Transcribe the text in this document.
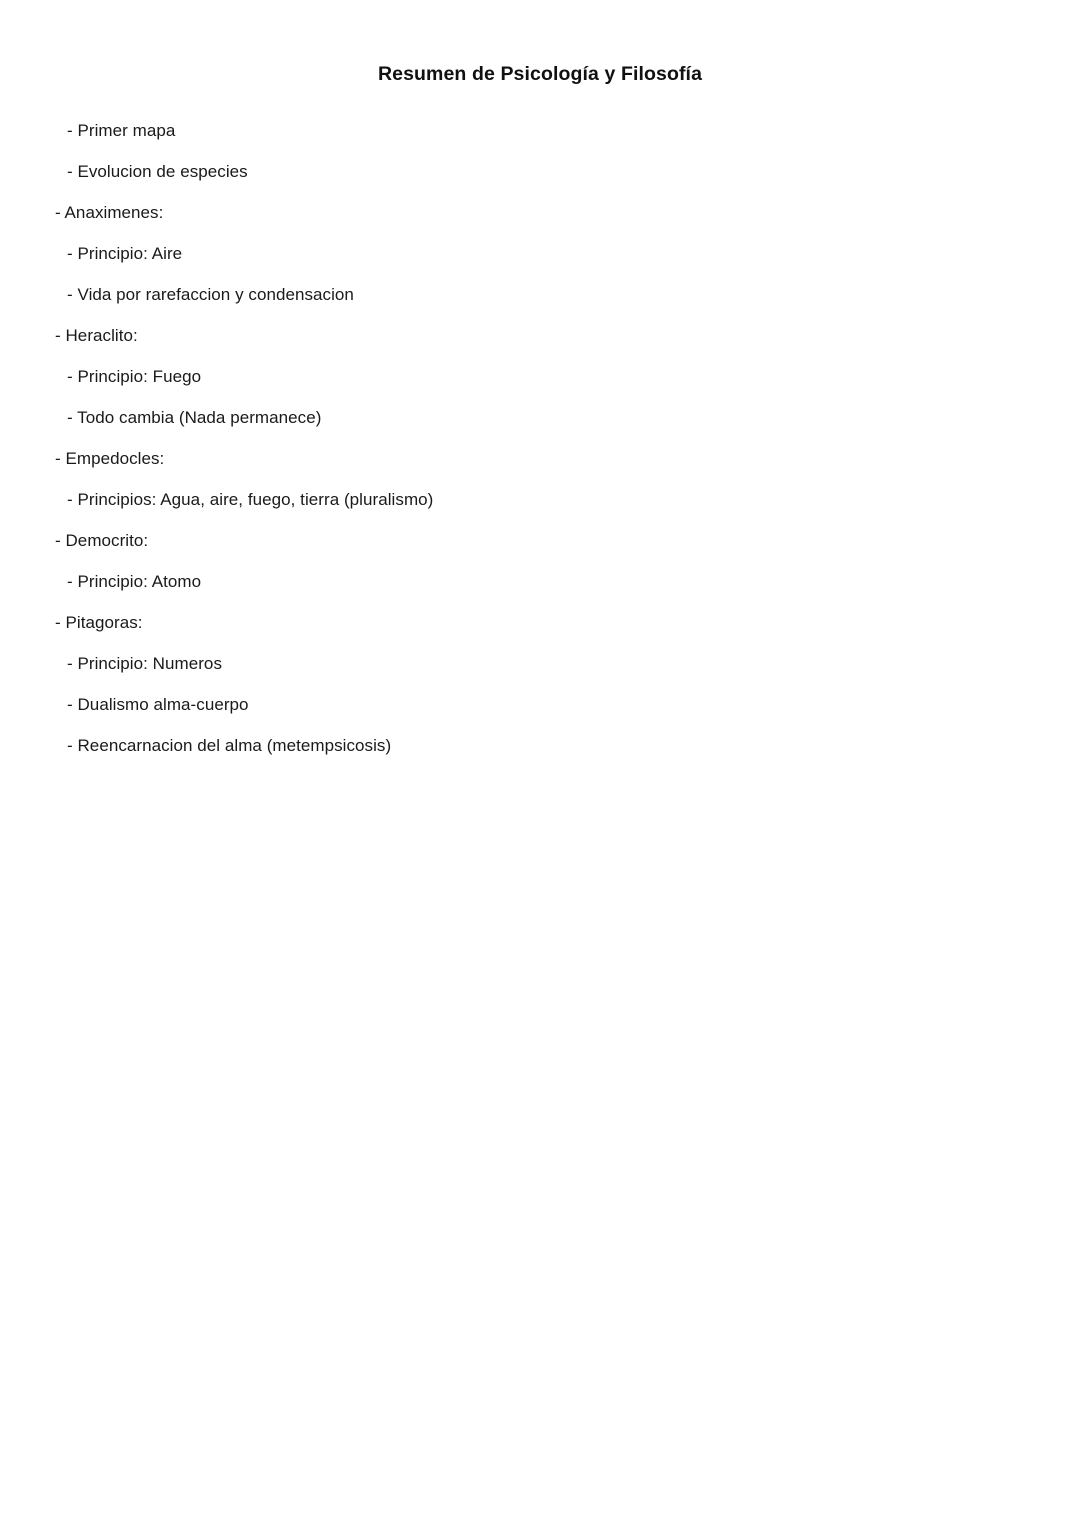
Resumen de Psicología y Filosofía
- Primer mapa
- Evolucion de especies
- Anaximenes:
- Principio: Aire
- Vida por rarefaccion y condensacion
- Heraclito:
- Principio: Fuego
- Todo cambia (Nada permanece)
- Empedocles:
- Principios: Agua, aire, fuego, tierra (pluralismo)
- Democrito:
- Principio: Atomo
- Pitagoras:
- Principio: Numeros
- Dualismo alma-cuerpo
- Reencarnacion del alma (metempsicosis)
